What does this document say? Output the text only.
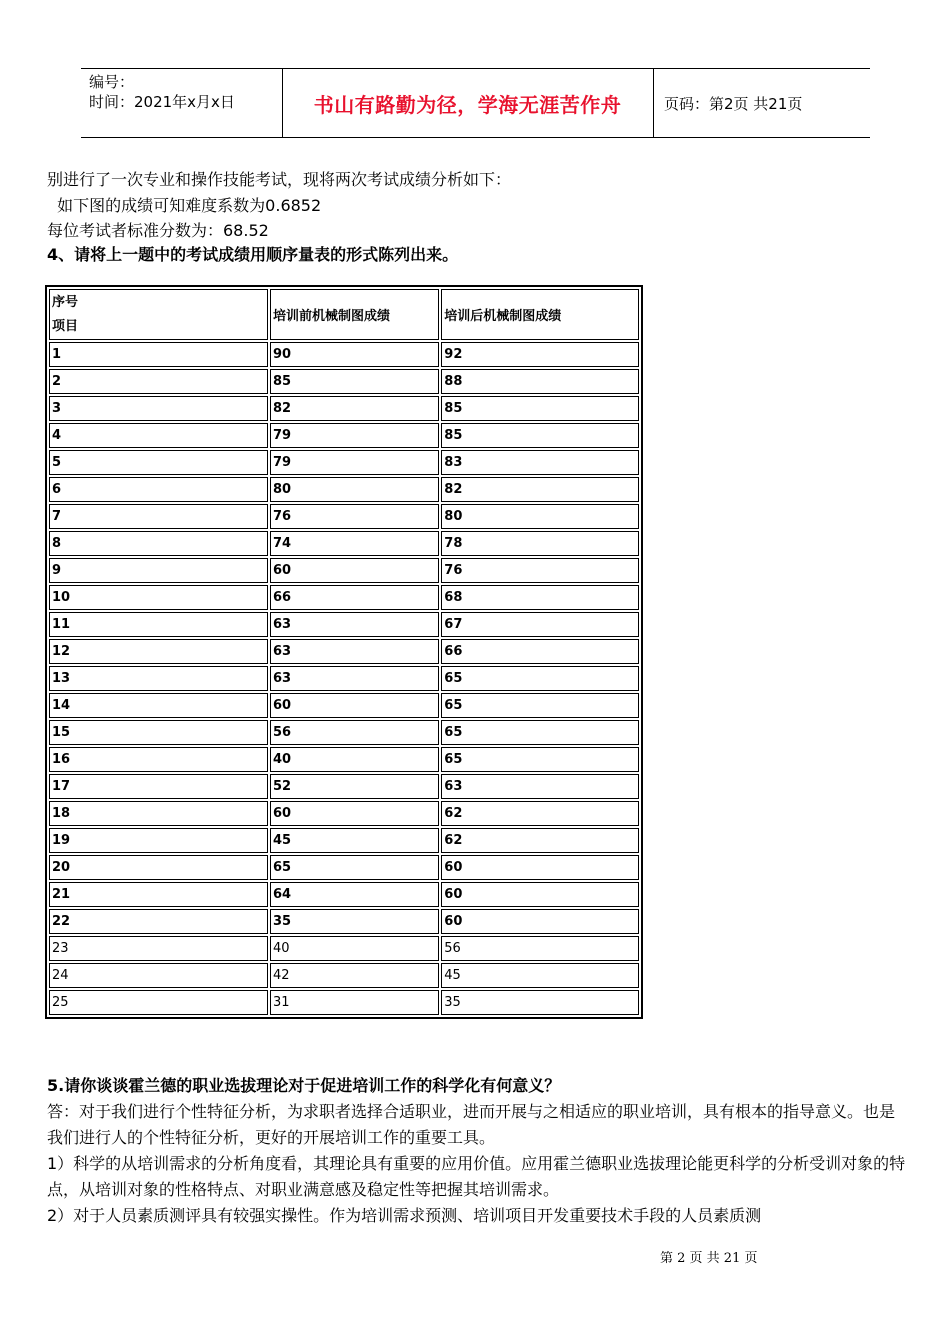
编号：
时间：2021年x月x日	书山有路勤为径，学海无涯苦作舟	页码：第2页 共21页
别进行了一次专业和操作技能考试，现将两次考试成绩分析如下：
如下图的成绩可知难度系数为0.6852
每位考试者标准分数为：68.52
4、请将上一题中的考试成绩用顺序量表的形式陈列出来。
序号
项目	培训前机械制图成绩	培训后机械制图成绩
1	90	92
2	85	88
3	82	85
4	79	85
5	79	83
6	80	82
7	76	80
8	74	78
9	60	76
10	66	68
11	63	67
12	63	66
13	63	65
14	60	65
15	56	65
16	40	65
17	52	63
18	60	62
19	45	62
20	65	60
21	64	60
22	35	60
23	40	56
24	42	45
25	31	35
5.请你谈谈霍兰德的职业选拔理论对于促进培训工作的科学化有何意义？
答：对于我们进行个性特征分析，为求职者选择合适职业，进而开展与之相适应的职业培训，具有根本的指导意义。也是我们进行人的个性特征分析，更好的开展培训工作的重要工具。
1）科学的从培训需求的分析角度看，其理论具有重要的应用价值。应用霍兰德职业选拔理论能更科学的分析受训对象的特点，从培训对象的性格特点、对职业满意感及稳定性等把握其培训需求。
2）对于人员素质测评具有较强实操性。作为培训需求预测、培训项目开发重要技术手段的人员素质测
第 2 页 共 21 页
